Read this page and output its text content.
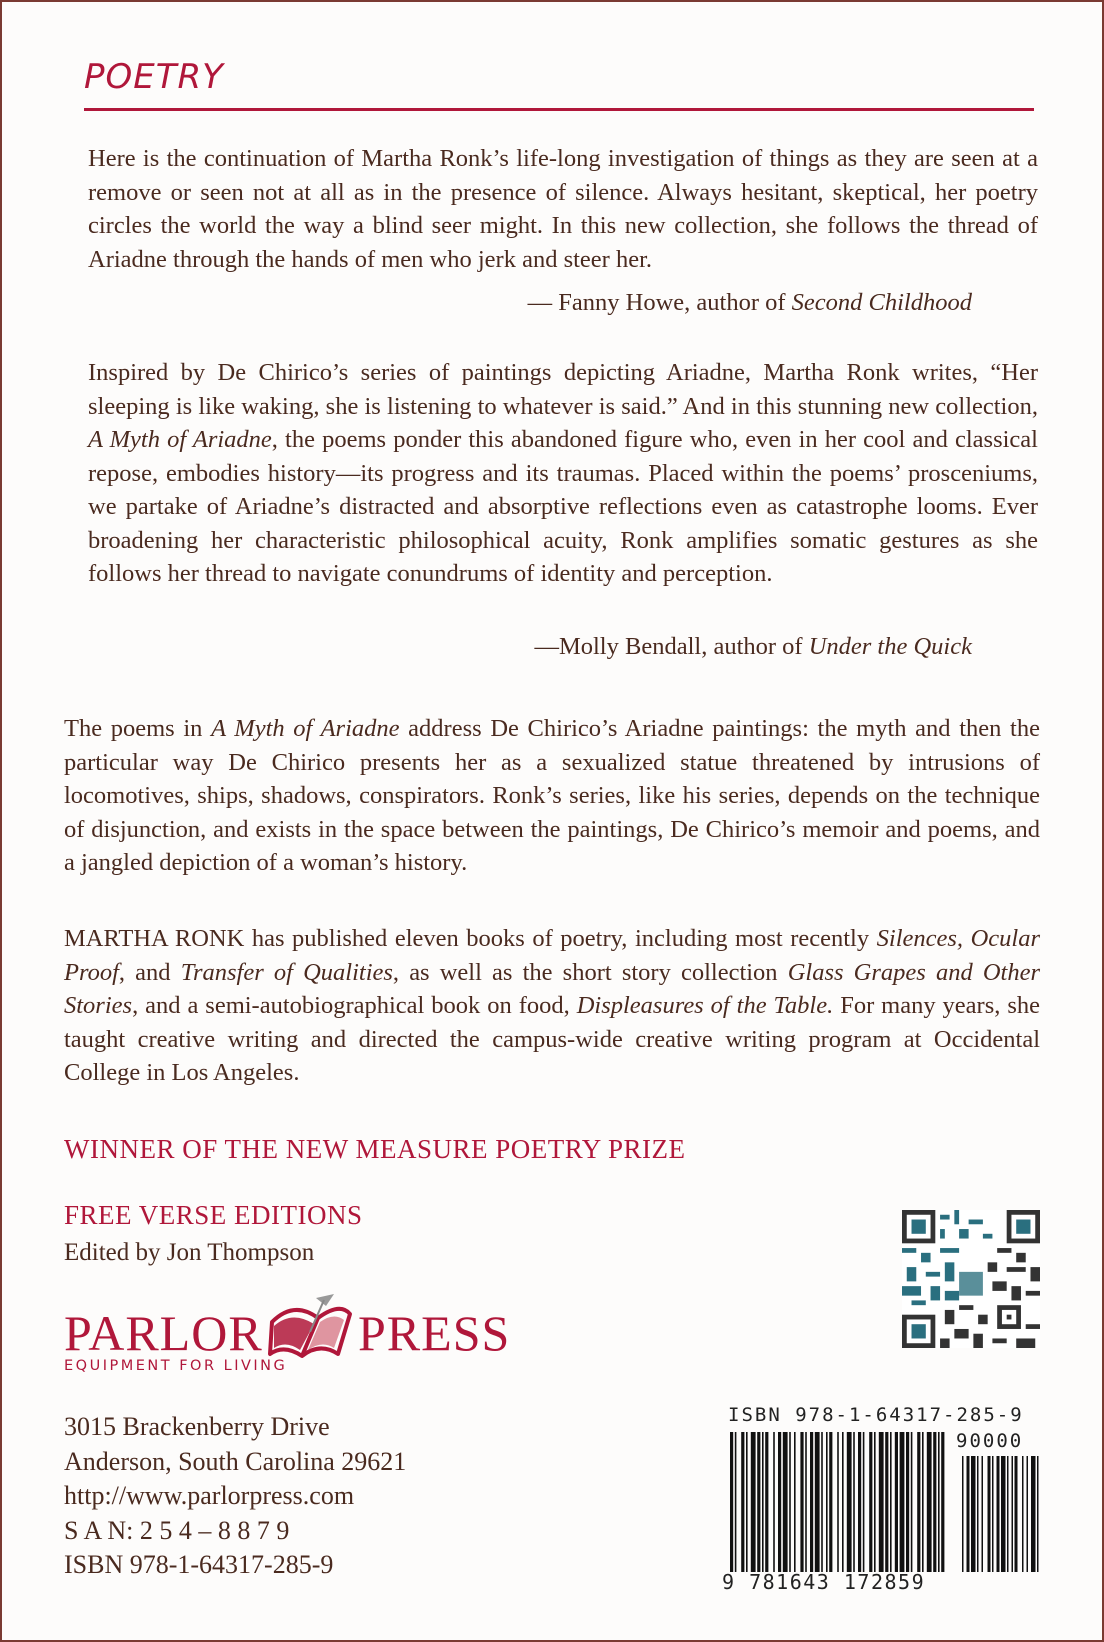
POETRY

Here is the continuation of Martha Ronk’s life-long investigation of things as they are seen at a remove or seen not at all as in the presence of silence. Always hesitant, skeptical, her poetry circles the world the way a blind seer might. In this new collection, she follows the thread of Ariadne through the hands of men who jerk and steer her.

— Fanny Howe, author of Second Childhood

Inspired by De Chirico’s series of paintings depicting Ariadne, Martha Ronk writes, “Her sleeping is like waking, she is listening to whatever is said.” And in this stunning new collection, A Myth of Ariadne, the poems ponder this abandoned figure who, even in her cool and classical repose, embodies history—its progress and its traumas. Placed within the poems’ prosceniums, we partake of Ariadne’s distracted and absorptive reflections even as catastrophe looms. Ever broadening her characteristic philosophical acuity, Ronk amplifies somatic gestures as she follows her thread to navigate conundrums of identity and perception.

—Molly Bendall, author of Under the Quick

The poems in A Myth of Ariadne address De Chirico’s Ariadne paintings: the myth and then the particular way De Chirico presents her as a sexualized statue threatened by intrusions of locomotives, ships, shadows, conspirators. Ronk’s series, like his series, depends on the technique of disjunction, and exists in the space between the paintings, De Chirico’s memoir and poems, and a jangled depiction of a woman’s history.

MARTHA RONK has published eleven books of poetry, including most recently Silences, Ocular Proof, and Transfer of Qualities, as well as the short story collection Glass Grapes and Other Stories, and a semi-autobiographical book on food, Displeasures of the Table. For many years, she taught creative writing and directed the campus-wide creative writing program at Occidental College in Los Angeles.

WINNER OF THE NEW MEASURE POETRY PRIZE

FREE VERSE EDITIONS

Edited by Jon Thompson

PARLOR PRESS
EQUIPMENT FOR LIVING
3015 Brackenberry Drive
Anderson, South Carolina 29621
http://www.parlorpress.com
S A N: 2 5 4 – 8 8 7 9
ISBN 978-1-64317-285-9
ISBN 978-1-64317-285-9
90000
9 781643 172859
